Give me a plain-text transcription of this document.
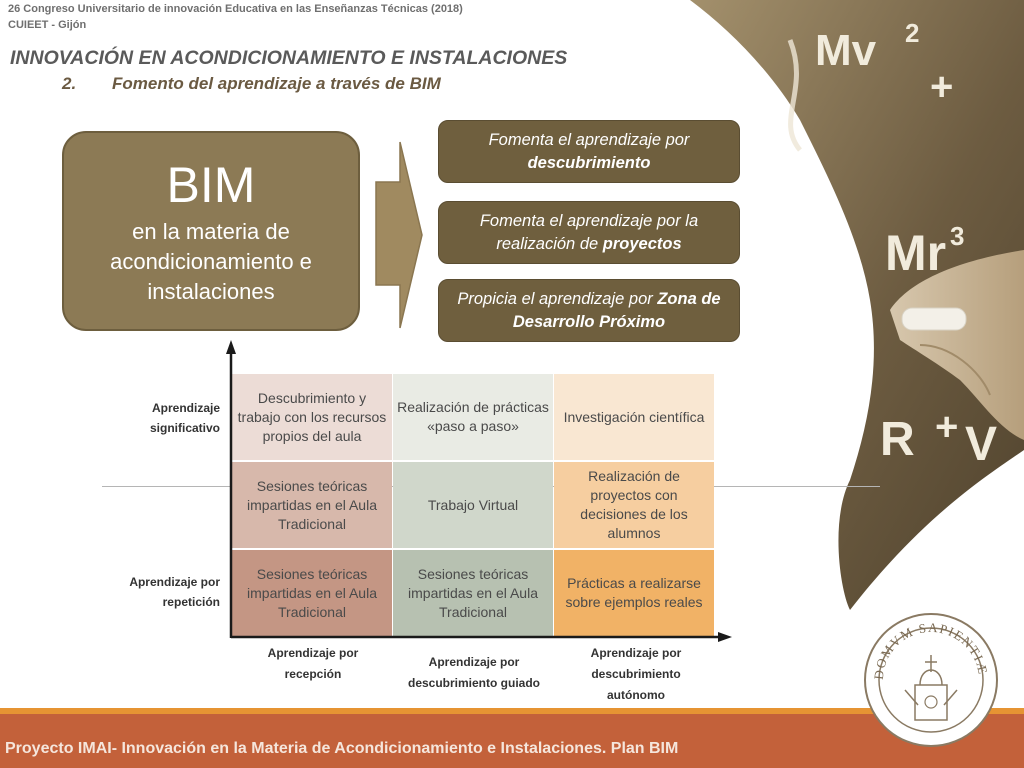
Mv 2
+
Mr 3
R + V
26 Congreso Universitario de innovación Educativa en las Enseñanzas Técnicas (2018)
CUIEET - Gijón
INNOVACIÓN EN ACONDICIONAMIENTO E INSTALACIONES
2. Fomento del aprendizaje a través de BIM
BIM
en la materia de acondicionamiento e instalaciones
Fomenta el aprendizaje por
descubrimiento
Fomenta el aprendizaje por la realización de proyectos
Propicia el aprendizaje por Zona de Desarrollo Próximo
Descubrimiento y trabajo con los recursos propios del aula
Realización de prácticas «paso a paso»
Investigación científica
Sesiones teóricas impartidas en el Aula Tradicional
Trabajo Virtual
Realización de proyectos con decisiones de los alumnos
Sesiones teóricas impartidas en el Aula Tradicional
Sesiones teóricas impartidas en el Aula Tradicional
Prácticas a realizarse sobre ejemplos reales
Aprendizaje significativo
Aprendizaje por repetición
Aprendizaje por recepción
Aprendizaje por descubrimiento guiado
Aprendizaje por descubrimiento autónomo
Proyecto IMAI- Innovación en la Materia de Acondicionamiento e Instalaciones. Plan BIM
DOMVM SAPIENTIÆ
